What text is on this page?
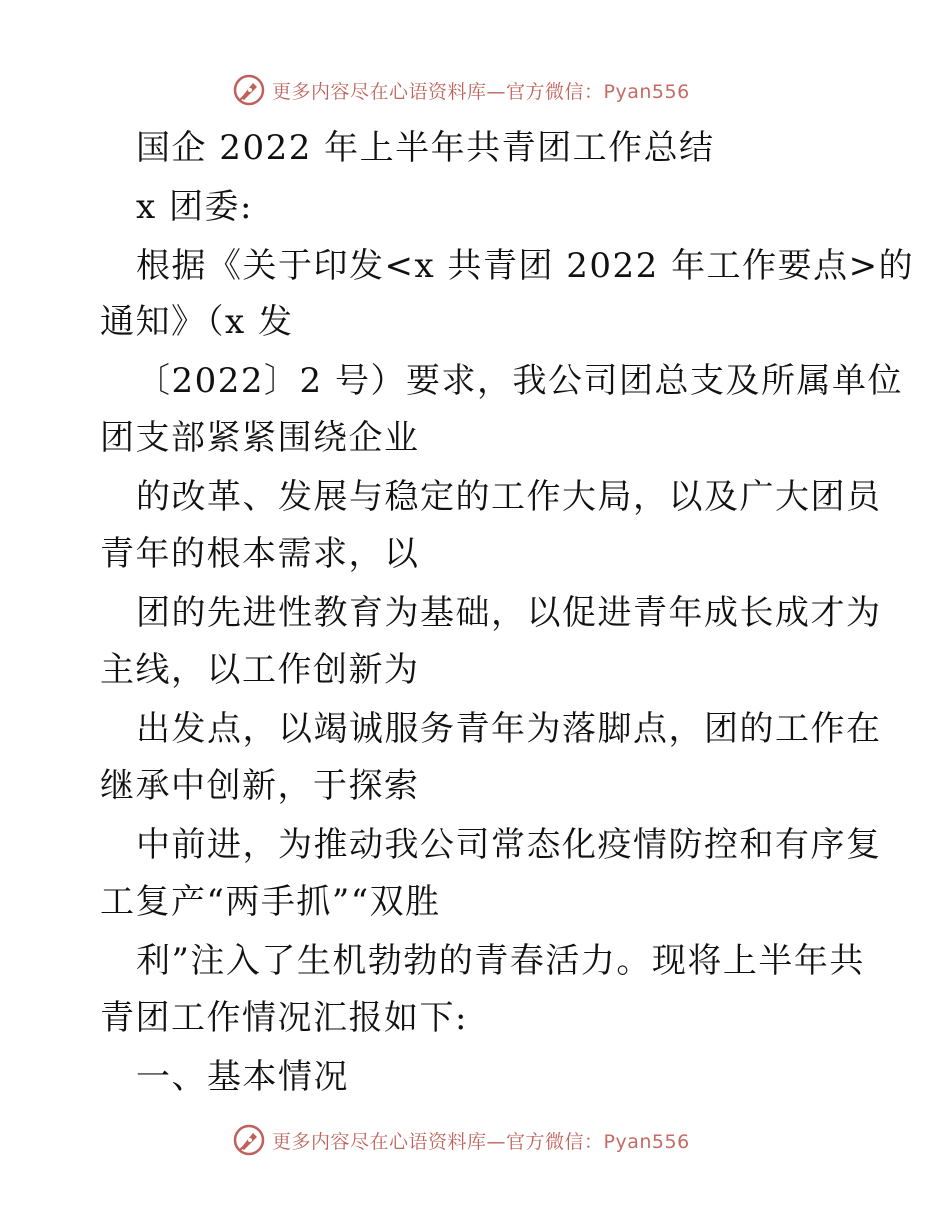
更多内容尽在心语资料库—官方微信：Pyan556
国企 2022 年上半年共青团工作总结
x 团委:
根据《关于印发<x 共青团 2022 年工作要点>的
通知》（x 发
〔2022〕2 号）要求，我公司团总支及所属单位
团支部紧紧围绕企业
的改革、发展与稳定的工作大局，以及广大团员
青年的根本需求，以
团的先进性教育为基础，以促进青年成长成才为
主线，以工作创新为
出发点，以竭诚服务青年为落脚点，团的工作在
继承中创新，于探索
中前进，为推动我公司常态化疫情防控和有序复
工复产“两手抓”“双胜
利”注入了生机勃勃的青春活力。现将上半年共
青团工作情况汇报如下:
一、基本情况
更多内容尽在心语资料库—官方微信：Pyan556
